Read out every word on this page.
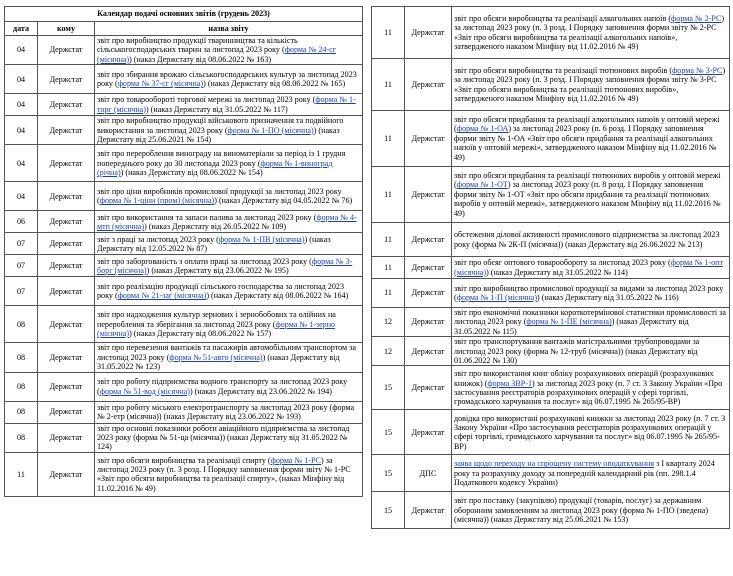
Календар подачі основних звітів (грудень 2023)		
дата	кому	назва звіту
04	Держстат	звіт про виробництво продукції тваринництва та кількість сільськогосподарських тварин за листопад 2023 року (форма № 24-сг (місячна)) (наказ Держстату від 08.06.2022 № 163)
04	Держстат	звіт про збирання врожаю сільськогосподарських культур за листопад 2023 року (форма № 37-сг (місячна)) (наказ Держстату від 08.06.2022 № 165)
04	Держстат	звіт про товарообороті торгової мережі за листопад 2023 року (форма № 1-торг (місячна)) (наказ Держстату від 31.05.2022 № 117)
04	Держстат	звіт про виробництво продукції військового призначення та подвійного використання за листопад 2023 року (форма № 1-ПО (місячна)) (наказ Держстату від 25.06.2021 № 154)
04	Держстат	звіт про перероблення винограду на виноматеріали за період із 1 грудня попереднього року до 30 листопада 2023 року (форма № 1-виноград (річна)) (наказ Держстату від 08.06.2022 № 154)
04	Держстат	звіт про ціни виробників промислової продукції за листопад 2023 року (форма № 1-ціни (пром) (місячна)) (наказ Держстату від 04.05.2022 № 76)
06	Держстат	звіт про використання та запаси палива за листопад 2023 року (форма № 4-мтп (місячна)) (наказ Держстату від 26.05.2022 № 109)
07	Держстат	звіт з праці за листопад 2023 року (форма № 1-ПВ (місячна)) (наказ Держстату від 12.05.2022 № 87)
07	Держстат	звіт про заборгованість з оплати праці за листопад 2023 року (форма № 3-борг (місячна)) (наказ Держстату від 23.06.2022 № 195)
07	Держстат	звіт про реалізацію продукції сільського господарства за листопад 2023 року (форма № 21-заг (місячна)) (наказ Держстату від 08.06.2022 № 164)
08	Держстат	звіт про надходження культур зернових і зернобобових та олійних на перероблення та зберігання за листопад 2023 року (форма № 1-зерно (місячна)) (наказ Держстату від 08.06.2022 № 157)
08	Держстат	звіт про перевезення вантажів та пасажирів автомобільним транспортом за листопад 2023 року (форма № 51-авто (місячна)) (наказ Держстату від 31.05.2022 № 123)
08	Держстат	звіт про роботу підприємства водного транспорту за листопад 2023 року (форма № 51-вод (місячна)) (наказ Держстату від 23.06.2022 № 194)
08	Держстат	звіт про роботу міського електротранспорту за листопад 2023 року (форма № 2-етр (місячна)) (наказ Держстату від 23.06.2022 № 193)
08	Держстат	звіт про основні показники роботи авіаційного підприємства за листопад 2023 року (форма № 51-ца (місячна)) (наказ Держстату від 31.05.2022 № 124)
11	Держстат	звіт про обсяги виробництва та реалізації спирту (форма № 1-РС) за листопад 2023 року (п. 3 розд. І Порядку заповнення форми звіту № 1-РС «Звіт про обсяги виробництва та реалізації спирту», (наказ Мінфіну від 11.02.2016 № 49)
11	Держстат	звіт про обсяги виробництва та реалізації алкогольних напоїв (форма № 2-РС) за листопад 2023 року (п. 3 розд. І Порядку заповнення форми звіту № 2-РС «Звіт про обсяги виробництва та реалізації алкогольних напоїв», затвердженого наказом Мінфіну від 11.02.2016 № 49)
11	Держстат	звіт про обсяги виробництва та реалізації тютюнових виробів (форма № 3-РС) за листопад 2023 року (п. 3 розд. І Порядку заповнення форми звіту № 3-РС «Звіт про обсяги виробництва та реалізації тютюнових виробів», затвердженого наказом Мінфіну від 11.02.2016 № 49)
11	Держстат	звіт про обсяги придбання та реалізації алкогольних напоїв у оптовій мережі (форма № 1-ОА) за листопад 2023 року (п. 6 розд. І Порядку заповнення форми звіту № 1-ОА «Звіт про обсяги придбання та реалізації алкогольних напоїв у оптовій мережі», затвердженого наказом Мінфіну від 11.02.2016 № 49)
11	Держстат	звіт про обсяги придбання та реалізації тютюнових виробів у оптовій мережі (форма № 1-ОТ) за листопад 2023 року (п. 8 розд. І Порядку заповнення форми звіту № 1-ОТ «Звіт про обсяги придбання та реалізації тютюнових виробів у оптовій мережі», затвердженого наказом Мінфіну від 11.02.2016 № 49)
11	Держстат	обстеження ділової активності промислового підприємства за листопад 2023 року (форма № 2К-П (місячна)) (наказ Держстату від 26.06.2022 № 213)
11	Держстат	звіт про обсяг оптового товарообороту за листопад 2023 року (форма № 1-опт (місячна)) (наказ Держстату від 31.05.2022 № 114)
11	Держстат	звіт про виробництво промислової продукції за видами за листопад 2023 року (форма № 1-П (місячна)) (наказ Держстату від 31.05.2022 № 116)
12	Держстат	звіт про економічні показники короткотермінової статистики промисловості за листопад 2023 року (форма № 1-ПЕ (місячна)) (наказ Держстату від 31.05.2022 № 115)
12	Держстат	звіт про транспортування вантажів магістральними трубопроводами за листопад 2023 року (форма № 12-труб (місячна)) (наказ Держстату від 01.06.2022 № 130)
15	Держстат	звіт про використання книг обліку розрахункових операцій (розрахункових книжок) (форма ЗВР-1) за листопад 2023 року (п. 7 ст. 3 Закону України «Про застосування реєстраторів розрахункових операцій у сфері торгівлі, громадського харчування та послуг» від 06.07.1995 № 265/95-ВР)
15	Держстат	довідка про використані розрахункові книжки за листопад 2023 року (п. 7 ст. 3 Закону України «Про застосування реєстраторів розрахункових операцій у сфері торгівлі, громадського харчування та послуг» від 06.07.1995 № 265/95-ВР)
15	ДПС	заява щодо переходу на спрощену систему оподаткування з І кварталу 2024 року та розрахунку доходу за попередній календарний рік (пп. 298.1.4 Податкового кодексу України)
15	Держстат	звіт про поставку (закупівлю) продукції (товарів, послуг) за державним оборонним замовленням за листопад 2023 року (форма № 1-ПО (зведена) (місячна)) (наказ Держстату від 25.06.2021 № 153)
